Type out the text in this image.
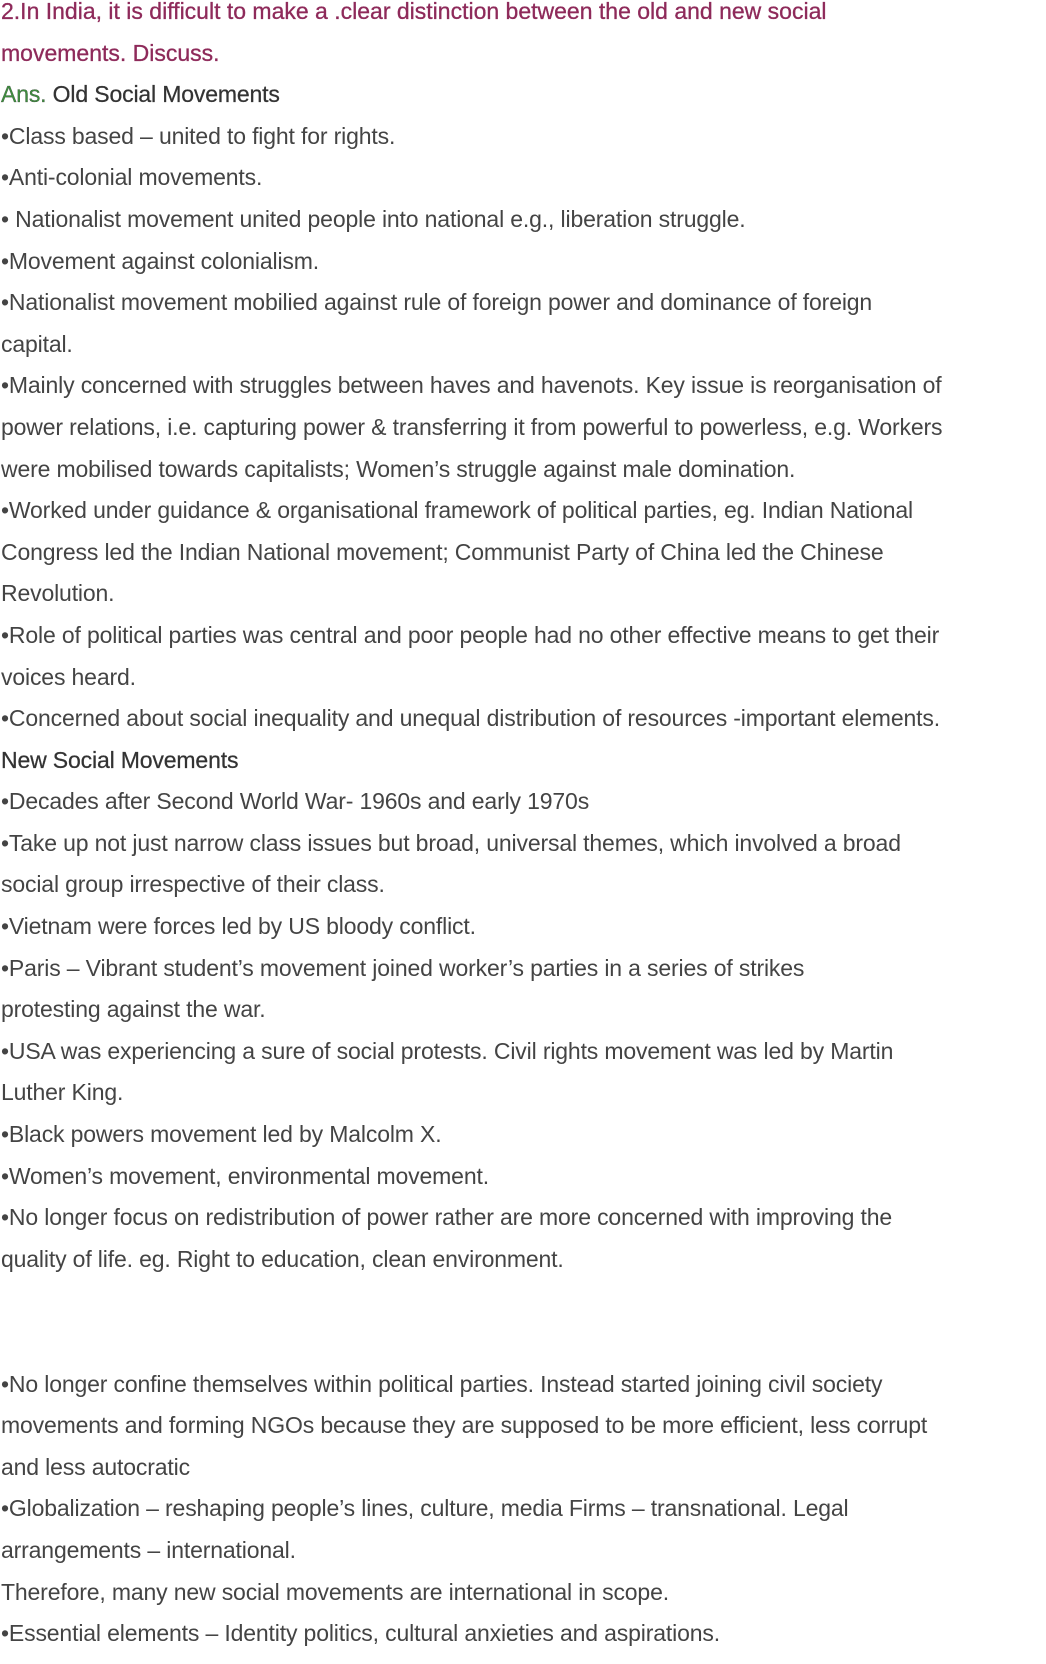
2.In India, it is difficult to make a .clear distinction between the old and new social
movements. Discuss.
Ans. Old Social Movements
•Class based – united to fight for rights.
•Anti-colonial movements.
• Nationalist movement united people into national e.g., liberation struggle.
•Movement against colonialism.
•Nationalist movement mobilied against rule of foreign power and dominance of foreign
capital.
•Mainly concerned with struggles between haves and havenots. Key issue is reorganisation of
power relations, i.e. capturing power & transferring it from powerful to powerless, e.g. Workers
were mobilised towards capitalists; Women’s struggle against male domination.
•Worked under guidance & organisational framework of political parties, eg. Indian National
Congress led the Indian National movement; Communist Party of China led the Chinese
Revolution.
•Role of political parties was central and poor people had no other effective means to get their
voices heard.
•Concerned about social inequality and unequal distribution of resources -important elements.
New Social Movements
•Decades after Second World War- 1960s and early 1970s
•Take up not just narrow class issues but broad, universal themes, which involved a broad
social group irrespective of their class.
•Vietnam were forces led by US bloody conflict.
•Paris – Vibrant student’s movement joined worker’s parties in a series of strikes
protesting against the war.
•USA was experiencing a sure of social protests. Civil rights movement was led by Martin
Luther King.
•Black powers movement led by Malcolm X.
•Women’s movement, environmental movement.
•No longer focus on redistribution of power rather are more concerned with improving the
quality of life. eg. Right to education, clean environment.
•No longer confine themselves within political parties. Instead started joining civil society
movements and forming NGOs because they are supposed to be more efficient, less corrupt
and less autocratic
•Globalization – reshaping people’s lines, culture, media Firms – transnational. Legal
arrangements – international.
Therefore, many new social movements are international in scope.
•Essential elements – Identity politics, cultural anxieties and aspirations.
